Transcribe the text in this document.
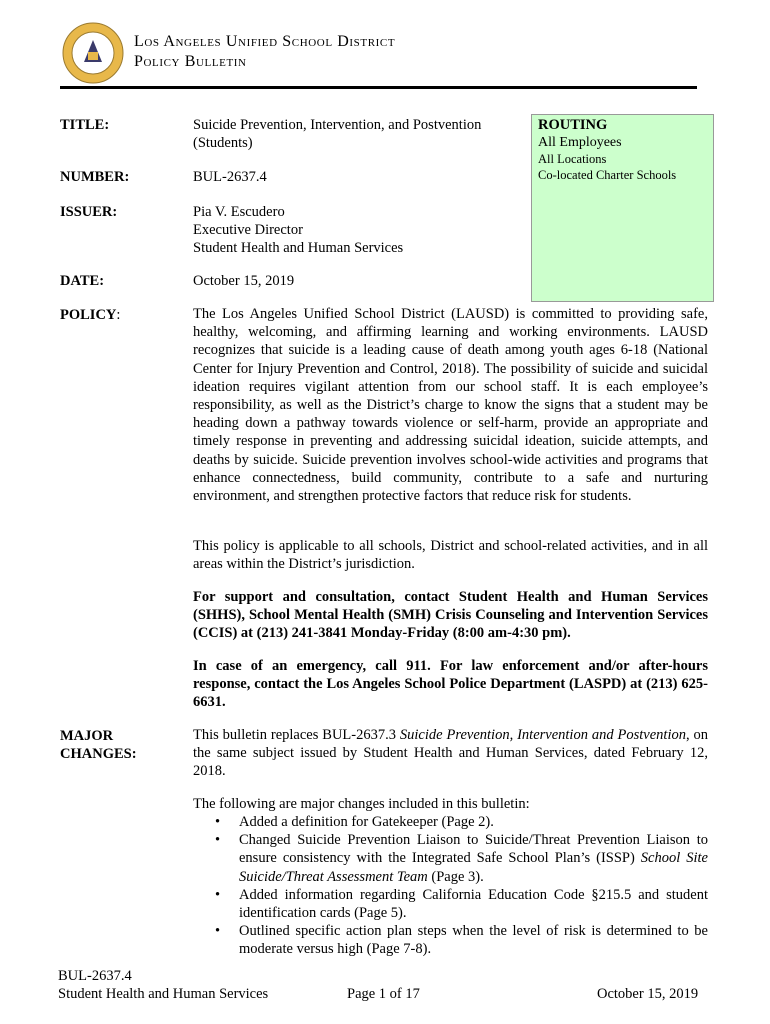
Los Angeles Unified School District
Policy Bulletin
TITLE:	Suicide Prevention, Intervention, and Postvention
(Students)
NUMBER:	BUL-2637.4
ISSUER:	Pia V. Escudero
Executive Director
Student Health and Human Services
DATE:	October 15, 2019
ROUTING
All Employees
All Locations
Co-located Charter Schools
POLICY:	The Los Angeles Unified School District (LAUSD) is committed to providing safe, healthy, welcoming, and affirming learning and working environments. LAUSD recognizes that suicide is a leading cause of death among youth ages 6-18 (National Center for Injury Prevention and Control, 2018). The possibility of suicide and suicidal ideation requires vigilant attention from our school staff. It is each employee’s responsibility, as well as the District’s charge to know the signs that a student may be heading down a pathway towards violence or self-harm, provide an appropriate and timely response in preventing and addressing suicidal ideation, suicide attempts, and deaths by suicide. Suicide prevention involves school-wide activities and programs that enhance connectedness, build community, contribute to a safe and nurturing environment, and strengthen protective factors that reduce risk for students.
This policy is applicable to all schools, District and school-related activities, and in all areas within the District’s jurisdiction.
For support and consultation, contact Student Health and Human Services (SHHS), School Mental Health (SMH) Crisis Counseling and Intervention Services (CCIS) at (213) 241-3841 Monday-Friday (8:00 am-4:30 pm).
In case of an emergency, call 911. For law enforcement and/or after-hours response, contact the Los Angeles School Police Department (LASPD) at (213) 625-6631.
MAJOR
CHANGES:
This bulletin replaces BUL-2637.3 Suicide Prevention, Intervention and Postvention, on the same subject issued by Student Health and Human Services, dated February 12, 2018.
The following are major changes included in this bulletin:
• Added a definition for Gatekeeper (Page 2).
• Changed Suicide Prevention Liaison to Suicide/Threat Prevention Liaison to ensure consistency with the Integrated Safe School Plan’s (ISSP) School Site Suicide/Threat Assessment Team (Page 3).
• Added information regarding California Education Code §215.5 and student identification cards (Page 5).
• Outlined specific action plan steps when the level of risk is determined to be moderate versus high (Page 7-8).
BUL-2637.4
Student Health and Human Services	Page 1 of 17	October 15, 2019
